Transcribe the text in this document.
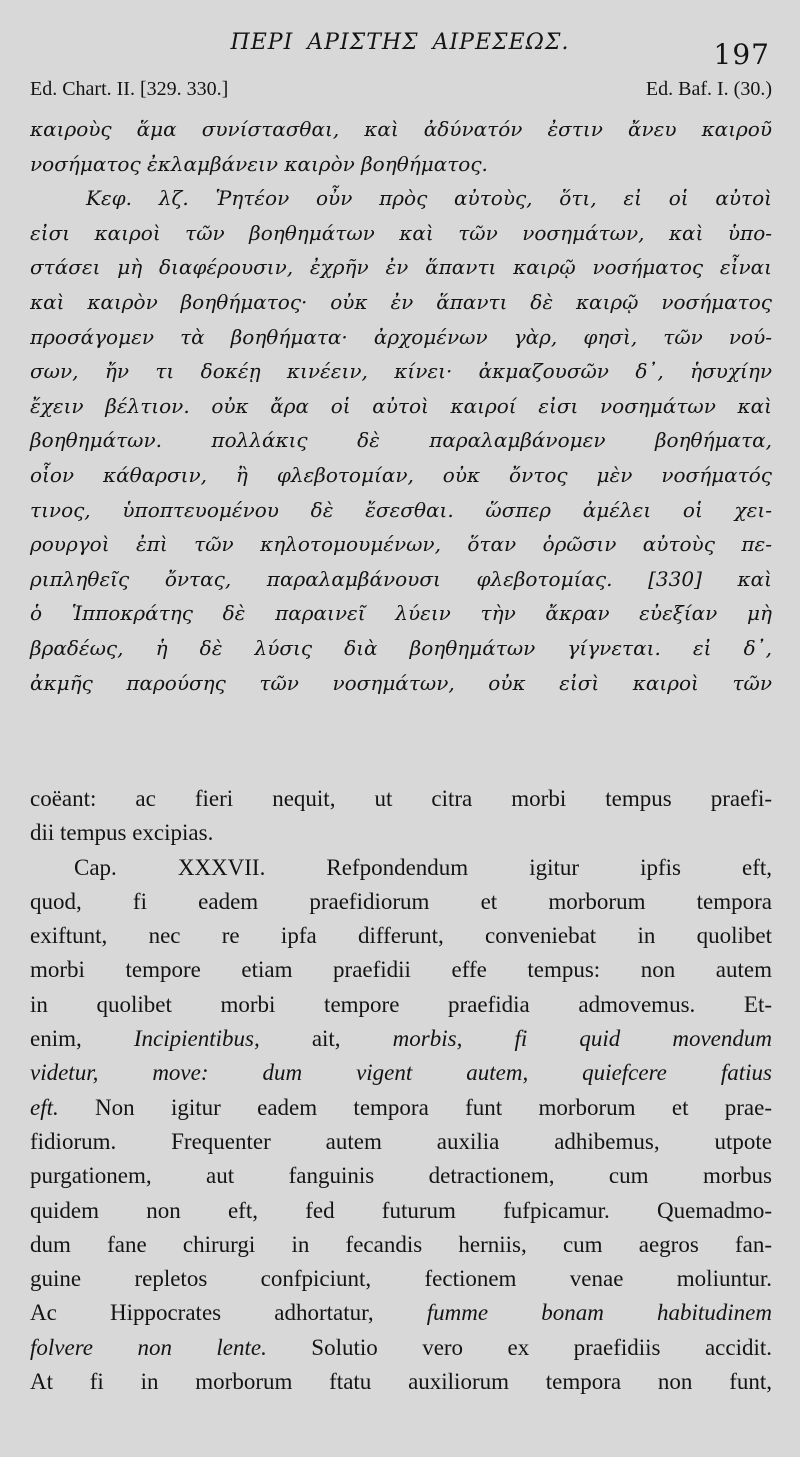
ΠΕΡΙ ΑΡΙΣΤΗΣ ΑΙΡΕΣΕΩΣ.	197
Ed. Chart. II. [329. 330.]	Ed. Baf. I. (30.)
καιροὺς ἅμα συνίστασθαι, καὶ ἀδύνατόν ἐστιν ἄνευ καιροῦ
νοσήματος ἐκλαμβάνειν καιρὸν βοηθήματος.
Κεφ. λζ. Ῥητέον οὖν πρὸς αὐτοὺς, ὅτι, εἰ οἱ αὐτοὶ
εἰσι καιροὶ τῶν βοηθημάτων καὶ τῶν νοσημάτων, καὶ ὑπο-
στάσει μὴ διαφέρουσιν, ἐχρῆν ἐν ἅπαντι καιρῷ νοσήματος εἶναι
καὶ καιρὸν βοηθήματος· οὐκ ἐν ἅπαντι δὲ καιρῷ νοσήματος
προσάγομεν τὰ βοηθήματα· ἀρχομένων γὰρ, φησὶ, τῶν νού-
σων, ἤν τι δοκέῃ κινέειν, κίνει· ἀκμαζουσῶν δ᾽, ἡσυχίην
ἔχειν βέλτιον. οὐκ ἄρα οἱ αὐτοὶ καιροί εἰσι νοσημάτων καὶ
βοηθημάτων. πολλάκις δὲ παραλαμβάνομεν βοηθήματα,
οἷον κάθαρσιν, ἢ φλεβοτομίαν, οὐκ ὄντος μὲν νοσήματός
τινος, ὑποπτευομένου δὲ ἔσεσθαι. ὥσπερ ἀμέλει οἱ χει-
ρουργοὶ ἐπὶ τῶν κηλοτομουμένων, ὅταν ὁρῶσιν αὐτοὺς πε-
ριπληθεῖς ὄντας, παραλαμβάνουσι φλεβοτομίας. [330] καὶ
ὁ Ἱπποκράτης δὲ παραινεῖ λύειν τὴν ἄκραν εὐεξίαν μὴ
βραδέως, ἡ δὲ λύσις διὰ βοηθημάτων γίγνεται. εἰ δ᾽,
ἀκμῆς παρούσης τῶν νοσημάτων, οὐκ εἰσὶ καιροὶ τῶν
coëant: ac fieri nequit, ut citra morbi tempus praefi-
dii tempus excipias.
Cap. XXXVII. Refpondendum igitur ipfis eft,
quod, fi eadem praefidiorum et morborum tempora
exiftunt, nec re ipfa differunt, conveniebat in quolibet
morbi tempore etiam praefidii effe tempus: non autem
in quolibet morbi tempore praefidia admovemus. Et-
enim, Incipientibus, ait, morbis, fi quid movendum
videtur, move: dum vigent autem, quiefcere fatius
eft. Non igitur eadem tempora funt morborum et prae-
fidiorum. Frequenter autem auxilia adhibemus, utpote
purgationem, aut fanguinis detractionem, cum morbus
quidem non eft, fed futurum fufpicamur. Quemadmo-
dum fane chirurgi in fecandis herniis, cum aegros fan-
guine repletos confpiciunt, fectionem venae moliuntur.
Ac Hippocrates adhortatur, fumme bonam habitudinem
folvere non lente. Solutio vero ex praefidiis accidit.
At fi in morborum ftatu auxiliorum tempora non funt,
